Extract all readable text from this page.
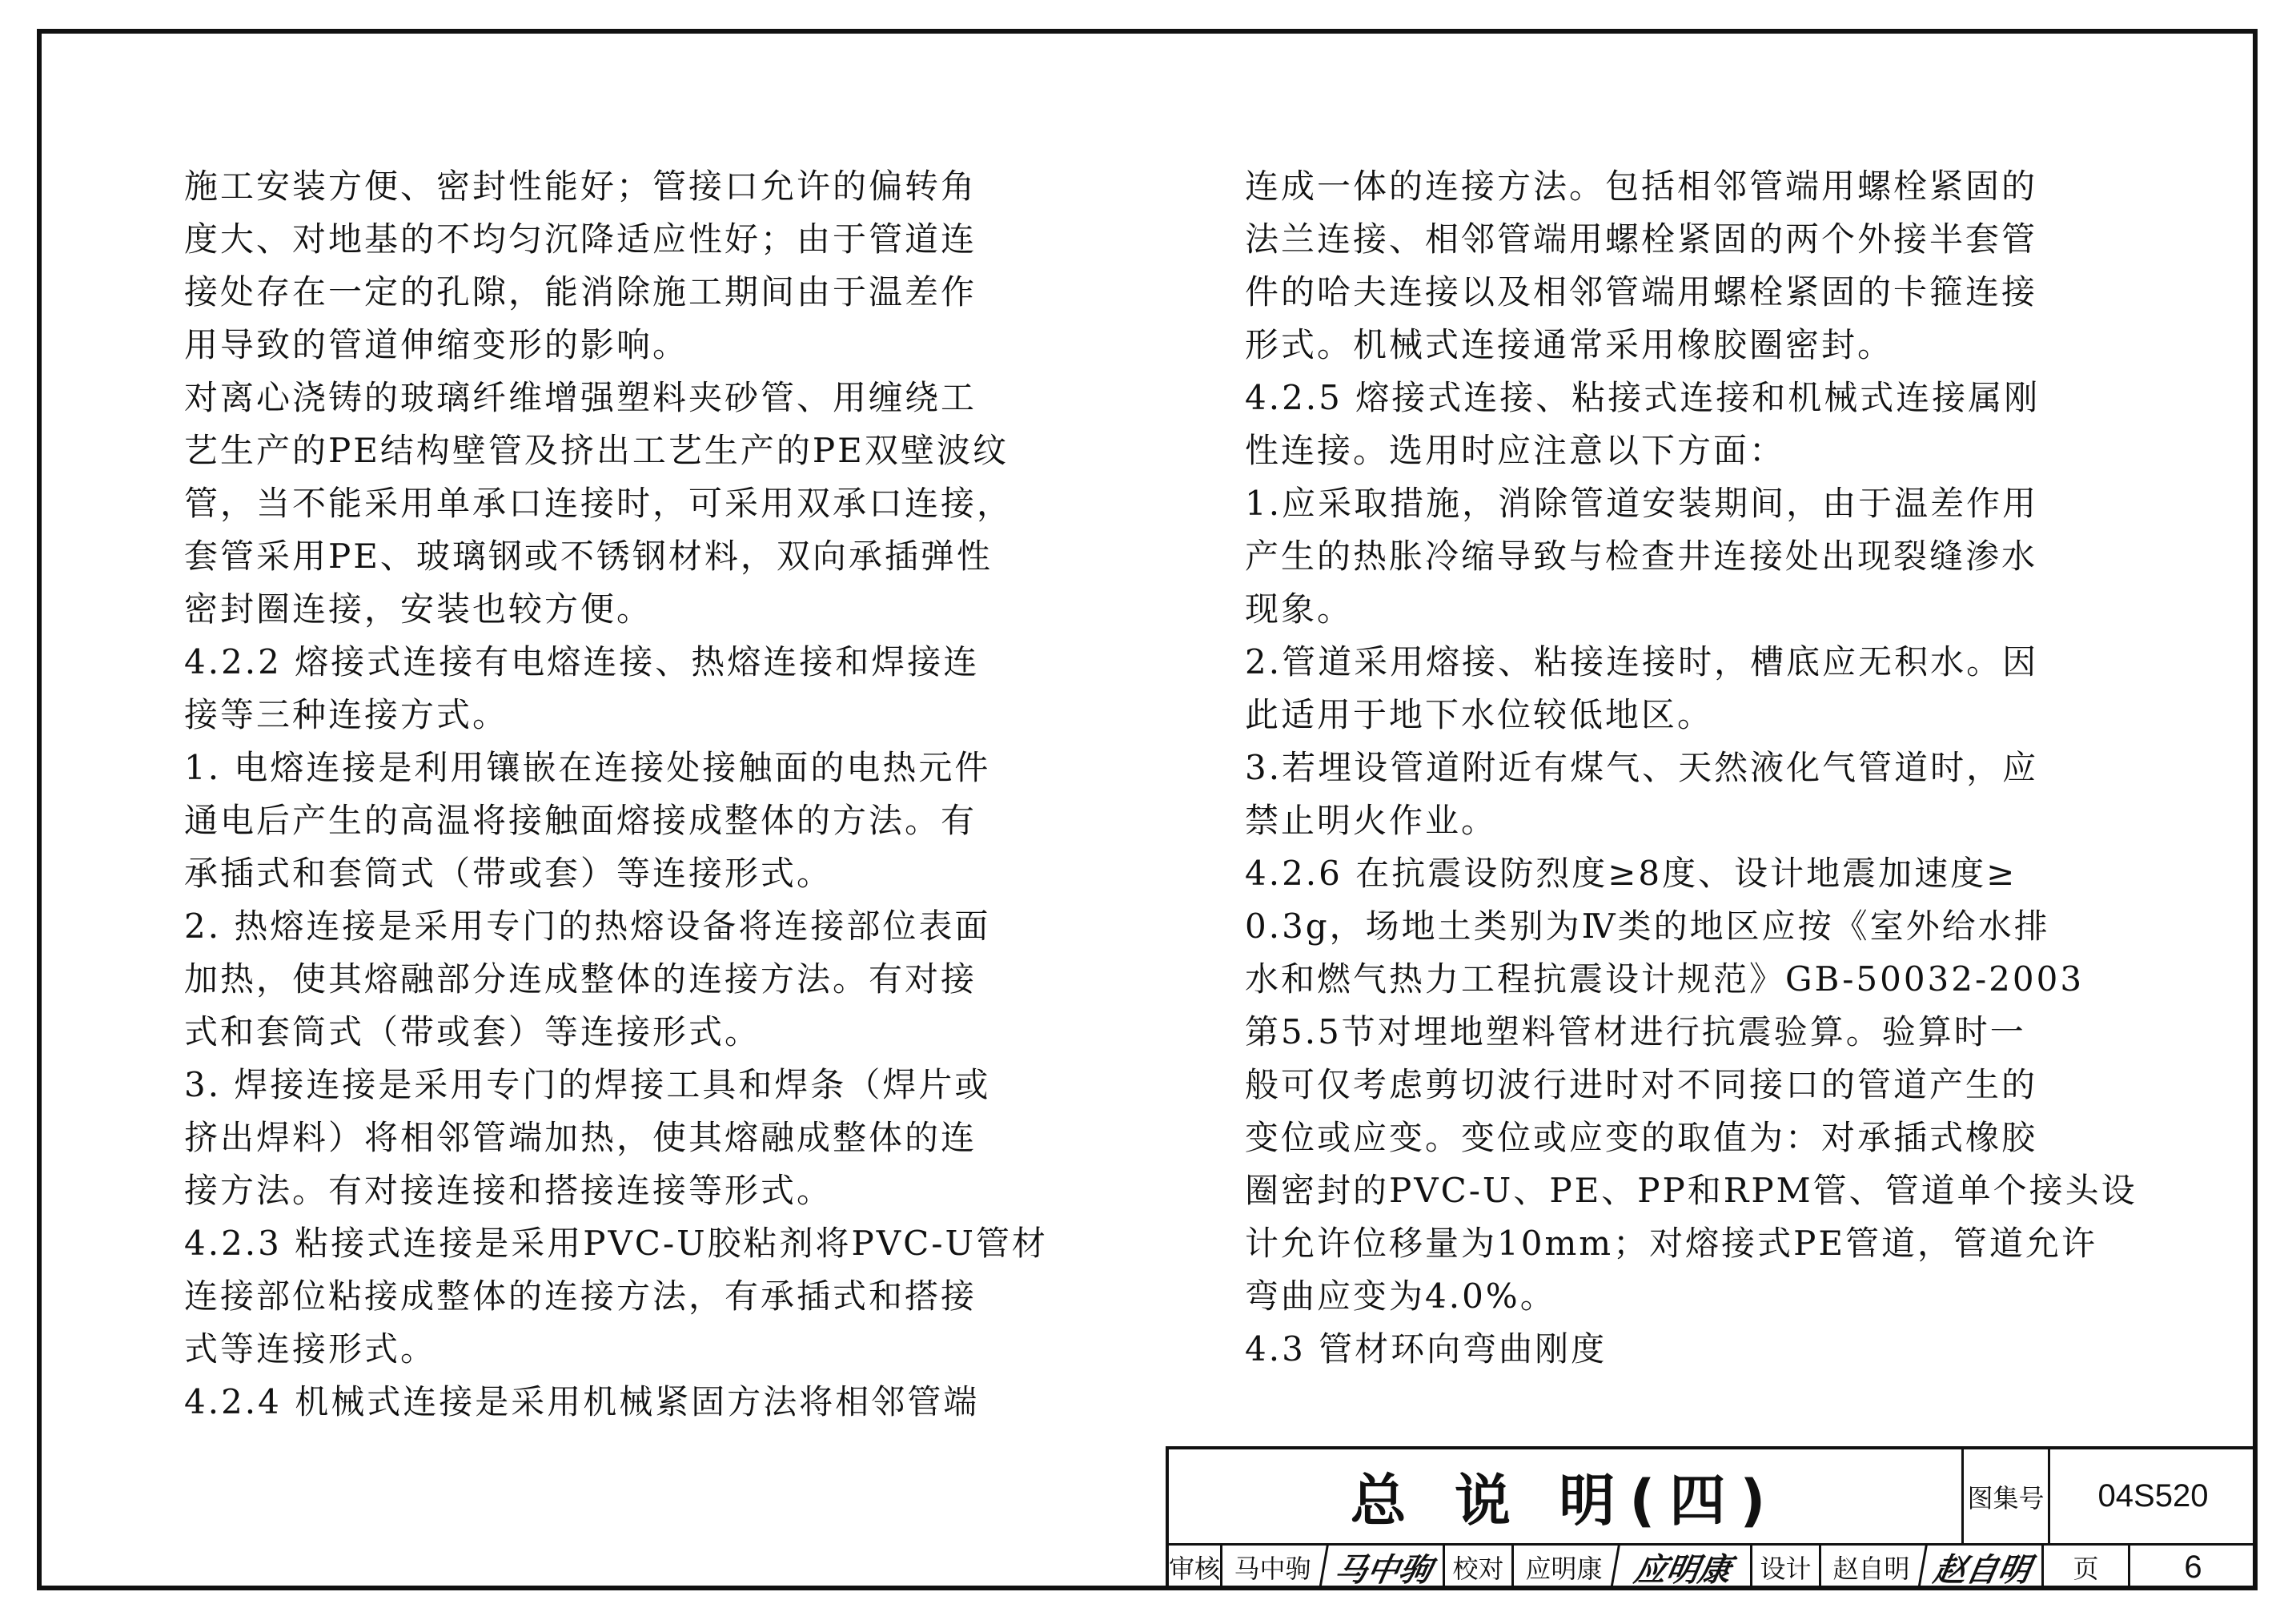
施工安装方便、密封性能好；管接口允许的偏转角

度大、对地基的不均匀沉降适应性好；由于管道连

接处存在一定的孔隙，能消除施工期间由于温差作

用导致的管道伸缩变形的影响。

对离心浇铸的玻璃纤维增强塑料夹砂管、用缠绕工

艺生产的PE结构壁管及挤出工艺生产的PE双壁波纹

管，当不能采用单承口连接时，可采用双承口连接，

套管采用PE、玻璃钢或不锈钢材料，双向承插弹性

密封圈连接，安装也较方便。

4.2.2 熔接式连接有电熔连接、热熔连接和焊接连

接等三种连接方式。

1. 电熔连接是利用镶嵌在连接处接触面的电热元件

通电后产生的高温将接触面熔接成整体的方法。有

承插式和套筒式（带或套）等连接形式。

2. 热熔连接是采用专门的热熔设备将连接部位表面

加热，使其熔融部分连成整体的连接方法。有对接

式和套筒式（带或套）等连接形式。

3. 焊接连接是采用专门的焊接工具和焊条（焊片或

挤出焊料）将相邻管端加热，使其熔融成整体的连

接方法。有对接连接和搭接连接等形式。

4.2.3 粘接式连接是采用PVC-U胶粘剂将PVC-U管材

连接部位粘接成整体的连接方法，有承插式和搭接

式等连接形式。

4.2.4 机械式连接是采用机械紧固方法将相邻管端

连成一体的连接方法。包括相邻管端用螺栓紧固的

法兰连接、相邻管端用螺栓紧固的两个外接半套管

件的哈夫连接以及相邻管端用螺栓紧固的卡箍连接

形式。机械式连接通常采用橡胶圈密封。

4.2.5 熔接式连接、粘接式连接和机械式连接属刚

性连接。选用时应注意以下方面：

1.应采取措施，消除管道安装期间，由于温差作用

产生的热胀冷缩导致与检查井连接处出现裂缝渗水

现象。

2.管道采用熔接、粘接连接时，槽底应无积水。因

此适用于地下水位较低地区。

3.若埋设管道附近有煤气、天然液化气管道时，应

禁止明火作业。

4.2.6 在抗震设防烈度≥8度、设计地震加速度≥

0.3g，场地土类别为Ⅳ类的地区应按《室外给水排

水和燃气热力工程抗震设计规范》GB-50032-2003

第5.5节对埋地塑料管材进行抗震验算。验算时一

般可仅考虑剪切波行进时对不同接口的管道产生的

变位或应变。变位或应变的取值为：对承插式橡胶

圈密封的PVC-U、PE、PP和RPM管、管道单个接头设

计允许位移量为10mm；对熔接式PE管道，管道允许

弯曲应变为4.0%。

4.3 管材环向弯曲刚度

总 说 明(四)	图集号	04S520
审核 马中驹 马中驹 校对 应明康 应明康	设计 赵自明 赵自明	页	6
